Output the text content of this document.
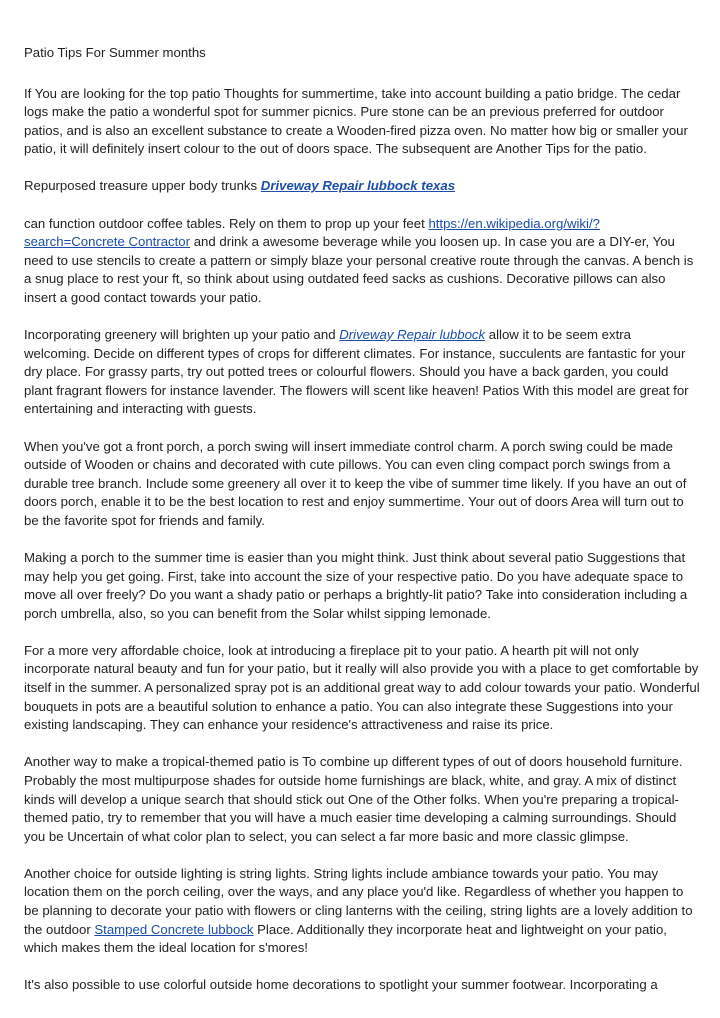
Patio Tips For Summer months

If You are looking for the top patio Thoughts for summertime, take into account building a patio bridge. The cedar logs make the patio a wonderful spot for summer picnics. Pure stone can be an previous preferred for outdoor patios, and is also an excellent substance to create a Wooden-fired pizza oven. No matter how big or smaller your patio, it will definitely insert colour to the out of doors space. The subsequent are Another Tips for the patio.

Repurposed treasure upper body trunks Driveway Repair lubbock texas

can function outdoor coffee tables. Rely on them to prop up your feet https://en.wikipedia.org/wiki/?search=Concrete Contractor and drink a awesome beverage while you loosen up. In case you are a DIY-er, You need to use stencils to create a pattern or simply blaze your personal creative route through the canvas. A bench is a snug place to rest your ft, so think about using outdated feed sacks as cushions. Decorative pillows can also insert a good contact towards your patio.

Incorporating greenery will brighten up your patio and Driveway Repair lubbock allow it to be seem extra welcoming. Decide on different types of crops for different climates. For instance, succulents are fantastic for your dry place. For grassy parts, try out potted trees or colourful flowers. Should you have a back garden, you could plant fragrant flowers for instance lavender. The flowers will scent like heaven! Patios With this model are great for entertaining and interacting with guests.

When you've got a front porch, a porch swing will insert immediate control charm. A porch swing could be made outside of Wooden or chains and decorated with cute pillows. You can even cling compact porch swings from a durable tree branch. Include some greenery all over it to keep the vibe of summer time likely. If you have an out of doors porch, enable it to be the best location to rest and enjoy summertime. Your out of doors Area will turn out to be the favorite spot for friends and family.

Making a porch to the summer time is easier than you might think. Just think about several patio Suggestions that may help you get going. First, take into account the size of your respective patio. Do you have adequate space to move all over freely? Do you want a shady patio or perhaps a brightly-lit patio? Take into consideration including a porch umbrella, also, so you can benefit from the Solar whilst sipping lemonade.

For a more very affordable choice, look at introducing a fireplace pit to your patio. A hearth pit will not only incorporate natural beauty and fun for your patio, but it really will also provide you with a place to get comfortable by itself in the summer. A personalized spray pot is an additional great way to add colour towards your patio. Wonderful bouquets in pots are a beautiful solution to enhance a patio. You can also integrate these Suggestions into your existing landscaping. They can enhance your residence's attractiveness and raise its price.

Another way to make a tropical-themed patio is To combine up different types of out of doors household furniture. Probably the most multipurpose shades for outside home furnishings are black, white, and gray. A mix of distinct kinds will develop a unique search that should stick out One of the Other folks. When you're preparing a tropical-themed patio, try to remember that you will have a much easier time developing a calming surroundings. Should you be Uncertain of what color plan to select, you can select a far more basic and more classic glimpse.

Another choice for outside lighting is string lights. String lights include ambiance towards your patio. You may location them on the porch ceiling, over the ways, and any place you'd like. Regardless of whether you happen to be planning to decorate your patio with flowers or cling lanterns with the ceiling, string lights are a lovely addition to the outdoor Stamped Concrete lubbock Place. Additionally they incorporate heat and lightweight on your patio, which makes them the ideal location for s'mores!

It's also possible to use colorful outside home decorations to spotlight your summer footwear. Incorporating a
